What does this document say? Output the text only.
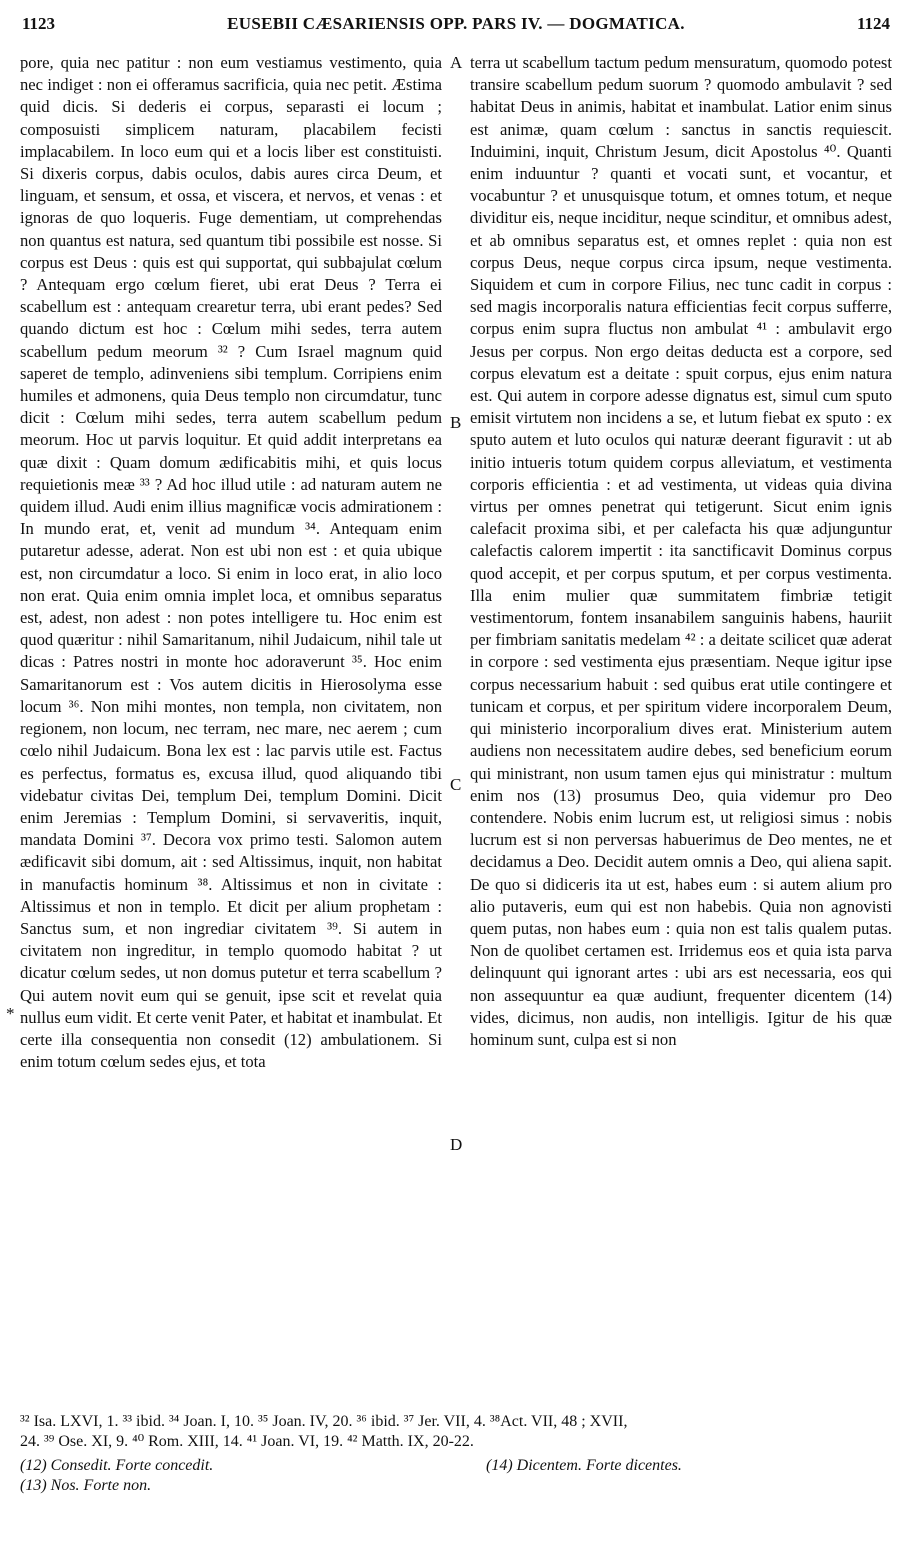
1123	EUSEBII CÆSARIENSIS OPP. PARS IV. — DOGMATICA.	1124

pore, quia nec patitur : non eum vestiamus vestimento, quia nec indiget : non ei offeramus sacrificia, quia nec petit. Æstima quid dicis. Si dederis ei corpus, separasti ei locum ; composuisti simplicem naturam, placabilem fecisti implacabilem. In loco eum qui et a locis liber est constituisti. Si dixeris corpus, dabis oculos, dabis aures circa Deum, et linguam, et sensum, et ossa, et viscera, et nervos, et venas : et ignoras de quo loqueris. Fuge dementiam, ut comprehendas non quantus est natura, sed quantum tibi possibile est nosse. Si corpus est Deus : quis est qui supportat, qui subbajulat cœlum ? Antequam ergo cœlum fieret, ubi erat Deus ? Terra ei scabellum est : antequam crearetur terra, ubi erant pedes? Sed quando dictum est hoc : Cœlum mihi sedes, terra autem scabellum pedum meorum ³² ? Cum Israel magnum quid saperet de templo, adinveniens sibi templum. Corripiens enim humiles et admonens, quia Deus templo non circumdatur, tunc dicit : Cœlum mihi sedes, terra autem scabellum pedum meorum. Hoc ut parvis loquitur. Et quid addit interpretans ea quæ dixit : Quam domum ædificabitis mihi, et quis locus requietionis meæ ³³ ? Ad hoc illud utile : ad naturam autem ne quidem illud. Audi enim illius magnificæ vocis admirationem : In mundo erat, et, venit ad mundum ³⁴. Antequam enim putaretur adesse, aderat. Non est ubi non est : et quia ubique est, non circumdatur a loco. Si enim in loco erat, in alio loco non erat. Quia enim omnia implet loca, et omnibus separatus est, adest, non adest : non potes intelligere tu. Hoc enim est quod quæritur : nihil Samaritanum, nihil Judaicum, nihil tale ut dicas : Patres nostri in monte hoc adoraverunt ³⁵. Hoc enim Samaritanorum est : Vos autem dicitis in Hierosolyma esse locum ³⁶. Non mihi montes, non templa, non civitatem, non regionem, non locum, nec terram, nec mare, nec aerem ; cum cœlo nihil Judaicum. Bona lex est : lac parvis utile est. Factus es perfectus, formatus es, excusa illud, quod aliquando tibi videbatur civitas Dei, templum Dei, templum Domini. Dicit enim Jeremias : Templum Domini, si servaveritis, inquit, mandata Domini ³⁷. Decora vox primo testi. Salomon autem ædificavit sibi domum, ait : sed Altissimus, inquit, non habitat in manufactis hominum ³⁸. Altissimus et non in civitate : Altissimus et non in templo. Et dicit per alium prophetam : Sanctus sum, et non ingrediar civitatem ³⁹. Si autem in civitatem non ingreditur, in templo quomodo habitat ? ut dicatur cœlum sedes, ut non domus putetur et terra scabellum ? Qui autem novit eum qui se genuit, ipse scit et revelat quia nullus eum vidit. Et certe venit Pater, et habitat et inambulat. Et certe illa consequentia non consedit (12) ambulationem. Si enim totum cœlum sedes ejus, et tota

terra ut scabellum tactum pedum mensuratum, quomodo potest transire scabellum pedum suorum ? quomodo ambulavit ? sed habitat Deus in animis, habitat et inambulat. Latior enim sinus est animæ, quam cœlum : sanctus in sanctis requiescit. Induimini, inquit, Christum Jesum, dicit Apostolus ⁴⁰. Quanti enim induuntur ? quanti et vocati sunt, et vocantur, et vocabuntur ? et unusquisque totum, et omnes totum, et neque dividitur eis, neque inciditur, neque scinditur, et omnibus adest, et ab omnibus separatus est, et omnes replet : quia non est corpus Deus, neque corpus circa ipsum, neque vestimenta. Siquidem et cum in corpore Filius, nec tunc cadit in corpus : sed magis incorporalis natura efficientias fecit corpus sufferre, corpus enim supra fluctus non ambulat ⁴¹ : ambulavit ergo Jesus per corpus. Non ergo deitas deducta est a corpore, sed corpus elevatum est a deitate : spuit corpus, ejus enim natura est. Qui autem in corpore adesse dignatus est, simul cum sputo emisit virtutem non incidens a se, et lutum fiebat ex sputo : ex sputo autem et luto oculos qui naturæ deerant figuravit : ut ab initio intueris totum quidem corpus alleviatum, et vestimenta corporis efficientia : et ad vestimenta, ut videas quia divina virtus per omnes penetrat qui tetigerunt. Sicut enim ignis calefacit proxima sibi, et per calefacta his quæ adjunguntur calefactis calorem impertit : ita sanctificavit Dominus corpus quod accepit, et per corpus sputum, et per corpus vestimenta. Illa enim mulier quæ summitatem fimbriæ tetigit vestimentorum, fontem insanabilem sanguinis habens, hauriit per fimbriam sanitatis medelam ⁴² : a deitate scilicet quæ aderat in corpore : sed vestimenta ejus præsentiam. Neque igitur ipse corpus necessarium habuit : sed quibus erat utile contingere et tunicam et corpus, et per spiritum videre incorporalem Deum, qui ministerio incorporalium dives erat. Ministerium autem audiens non necessitatem audire debes, sed beneficium eorum qui ministrant, non usum tamen ejus qui ministratur : multum enim nos (13) prosumus Deo, quia videmur pro Deo contendere. Nobis enim lucrum est, ut religiosi simus : nobis lucrum est si non perversas habuerimus de Deo mentes, ne et decidamus a Deo. Decidit autem omnis a Deo, qui aliena sapit. De quo si didiceris ita ut est, habes eum : si autem alium pro alio putaveris, eum qui est non habebis. Quia non agnovisti quem putas, non habes eum : quia non est talis qualem putas. Non de quolibet certamen est. Irridemus eos et quia ista parva delinquunt qui ignorant artes : ubi ars est necessaria, eos qui non assequuntur ea quæ audiunt, frequenter dicentem (14) vides, dicimus, non audis, non intelligis. Igitur de his quæ hominum sunt, culpa est si non

A
B
C
D
*
³² Isa. LXVI, 1. ³³ ibid. ³⁴ Joan. I, 10. ³⁵ Joan. IV, 20. ³⁶ ibid. ³⁷ Jer. VII, 4. ³⁸Act. VII, 48 ; XVII,
24. ³⁹ Ose. XI, 9. ⁴⁰ Rom. XIII, 14. ⁴¹ Joan. VI, 19. ⁴² Matth. IX, 20-22.
(12) Consedit. Forte concedit.
(13) Nos. Forte non.
(14) Dicentem. Forte dicentes.
